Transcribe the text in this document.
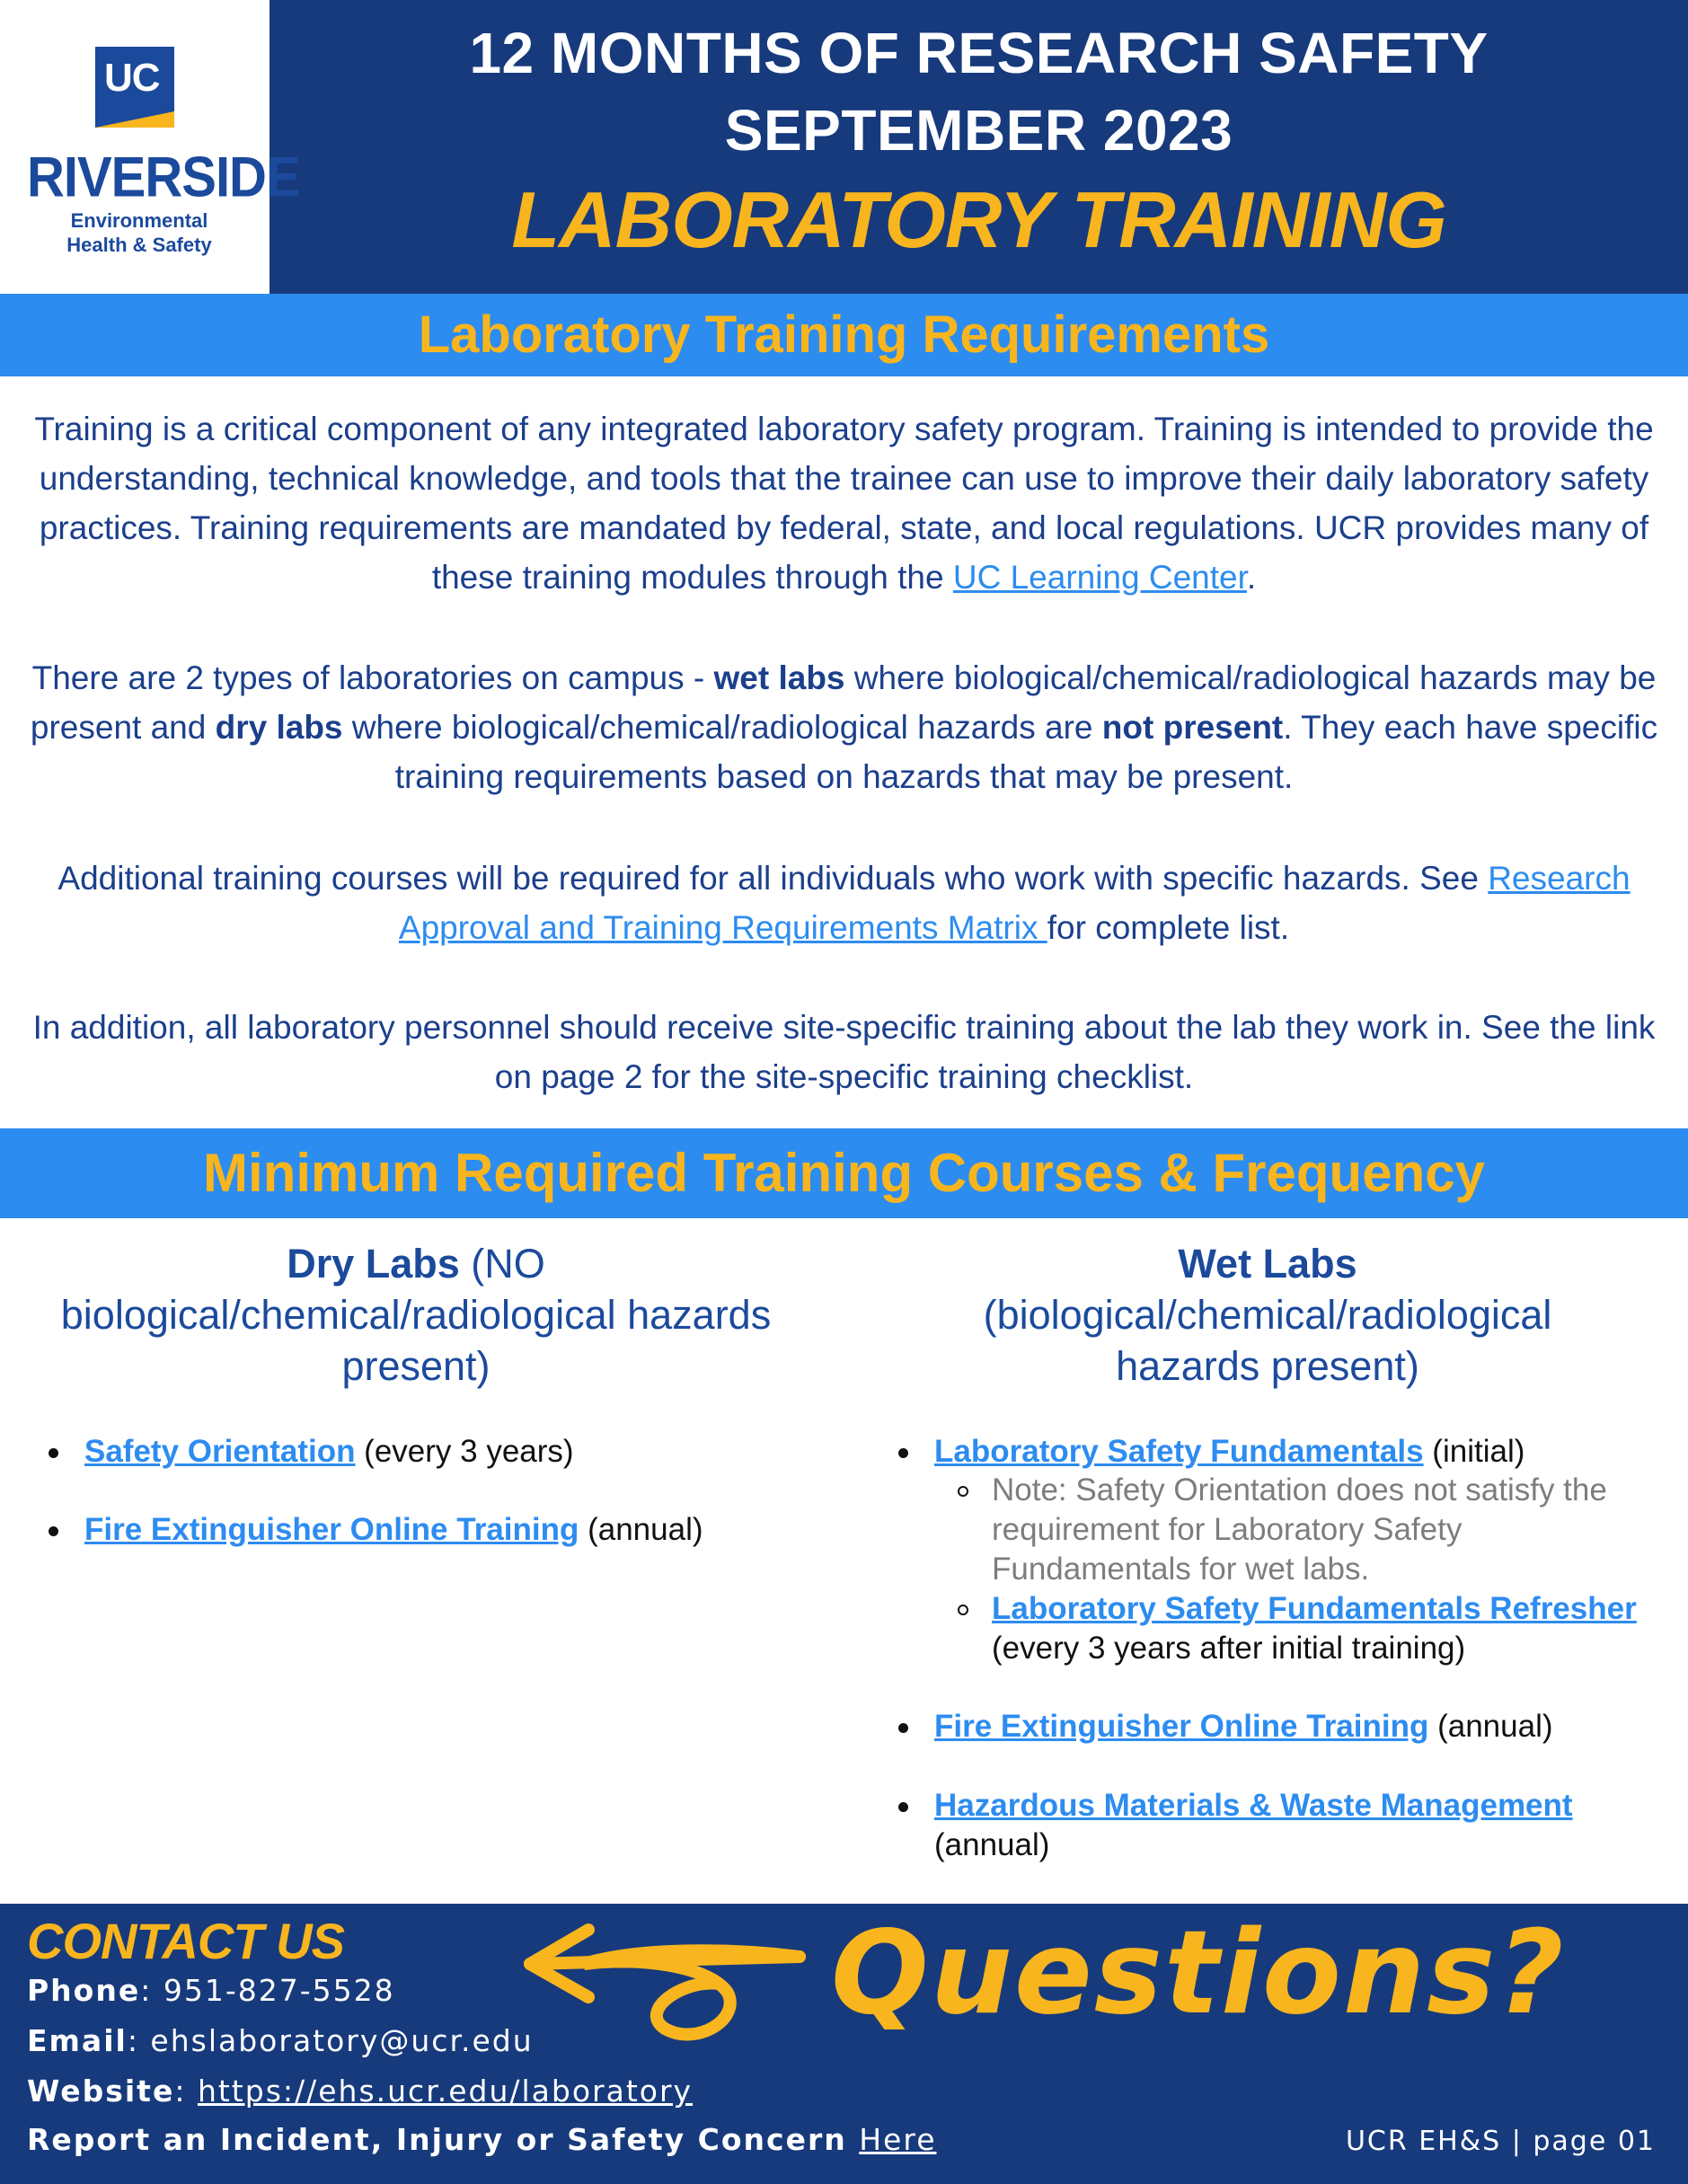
UC
RIVERSIDE
Environmental
Health & Safety
12 MONTHS OF RESEARCH SAFETY
SEPTEMBER 2023
LABORATORY TRAINING
Laboratory Training Requirements

Training is a critical component of any integrated laboratory safety program. Training is intended to provide the understanding, technical knowledge, and tools that the trainee can use to improve their daily laboratory safety practices. Training requirements are mandated by federal, state, and local regulations. UCR provides many of these training modules through the UC Learning Center.

There are 2 types of laboratories on campus - wet labs where biological/chemical/radiological hazards may be present and dry labs where biological/chemical/radiological hazards are not present. They each have specific training requirements based on hazards that may be present.

Additional training courses will be required for all individuals who work with specific hazards. See Research Approval and Training Requirements Matrix for complete list.

In addition, all laboratory personnel should receive site-specific training about the lab they work in. See the link on page 2 for the site-specific training checklist.

Minimum Required Training Courses & Frequency
Dry Labs (NO biological/chemical/radiological hazards present)
Wet Labs
(biological/chemical/radiological hazards present)
Safety Orientation (every 3 years)
Fire Extinguisher Online Training (annual)
Laboratory Safety Fundamentals (initial)
Note: Safety Orientation does not satisfy the requirement for Laboratory Safety Fundamentals for wet labs.
Laboratory Safety Fundamentals Refresher (every 3 years after initial training)
Fire Extinguisher Online Training (annual)
Hazardous Materials & Waste Management
(annual)
CONTACT US
Phone: 951-827-5528
Email: ehslaboratory@ucr.edu
Website: https://ehs.ucr.edu/laboratory
Report an Incident, Injury or Safety Concern Here
Questions?
UCR EH&S | page 01
